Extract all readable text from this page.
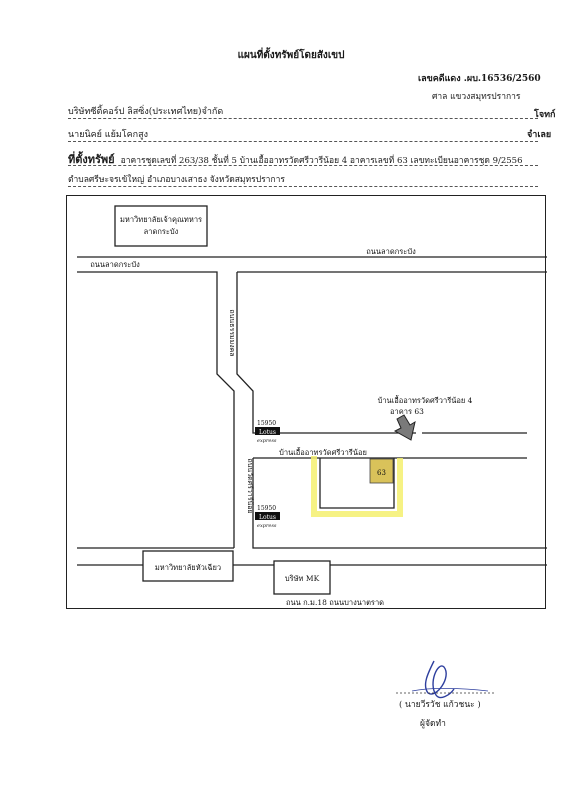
แผนที่ตั้งทรัพย์โดยสังเขป
เลขคดีแดง .ผบ.16536/2560
ศาล แขวงสมุทรปราการ
บริษัทซีติ้คอร์ป ลิสซิ่ง(ประเทศไทย)จำกัด	โจทก์
นายนิคย์ แย้มโคกสูง	จำเลย
ที่ตั้งทรัพย์ อาคารชุดเลขที่ 263/38 ชั้นที่ 5 บ้านเอื้ออาทรวัดศรีวารีน้อย 4 อาคารเลขที่ 63 เลขทะเบียนอาคารชุด 9/2556
ตำบลศรีษะจรเข้ใหญ่ อำเภอบางเสาธง จังหวัดสมุทรปราการ
มหาวิทยาลัยเจ้าคุณทหาร
ลาดกระบัง
ถนนลาดกระบัง
ถนนลาดกระบัง
ถนนธรรมมงคล
ถนนวัดศรีวารีน้อย
บ้านเอื้ออาทรวัดศรีวารีน้อย
บ้านเอื้ออาทรวัดศรีวารีน้อย 4
อาคาร 63
63
15950
Lotus
express
15950
Lotus
express
มหาวิทยาลัยหัวเฉียว
บริษัท MK
ถนน ก.ม.18 ถนนบางนาตราด
( นายวีรวัช แก้วชนะ )
ผู้จัดทำ
